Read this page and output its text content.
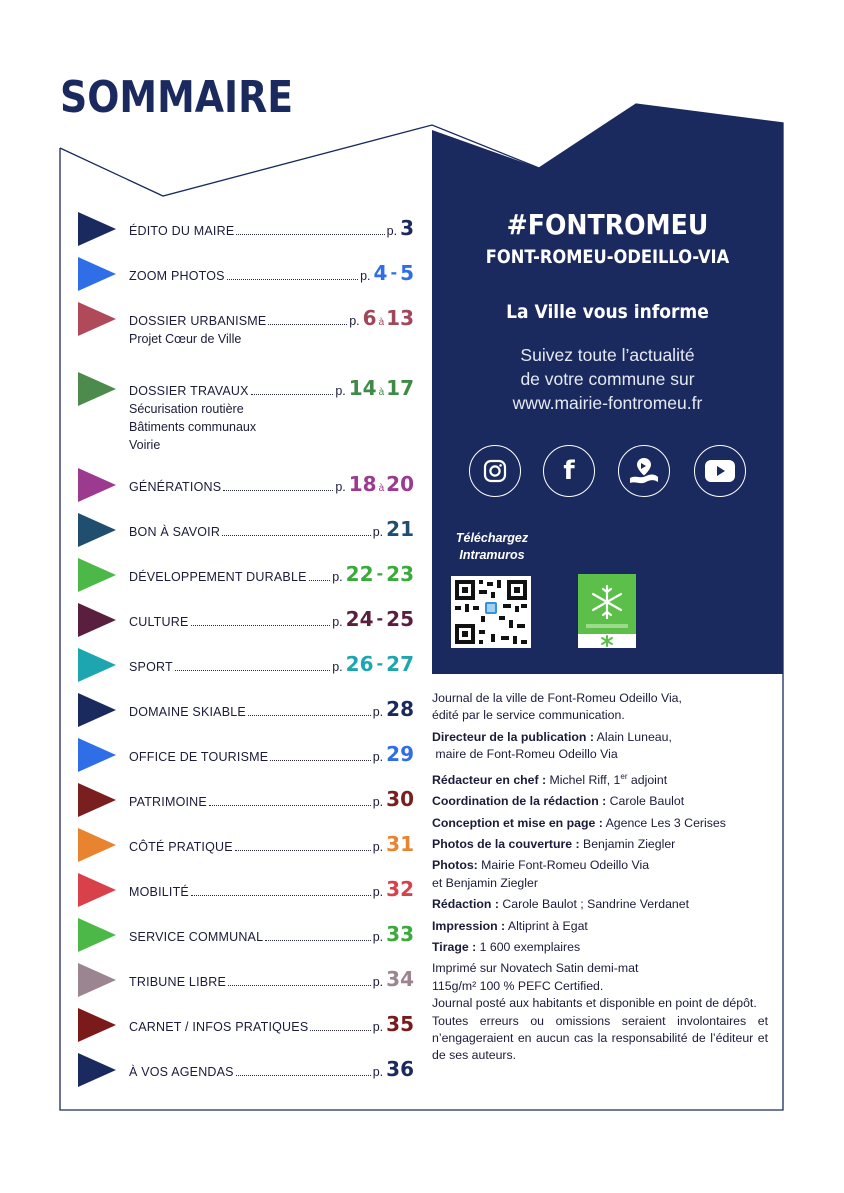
SOMMAIRE
ÉDITO DU MAIRE	p. 3
ZOOM PHOTOS	p. 4 - 5
DOSSIER URBANISME	p. 6 à 13
Projet Cœur de Ville
DOSSIER TRAVAUX	p. 14 à 17
Sécurisation routière
Bâtiments communaux
Voirie
GÉNÉRATIONS	p. 18 à 20
BON À SAVOIR	p. 21
DÉVELOPPEMENT DURABLE p. 22 - 23
CULTURE	p. 24 - 25
SPORT	p. 26 - 27
DOMAINE SKIABLE	p. 28
OFFICE DE TOURISME	p. 29
PATRIMOINE	p. 30
CÔTÉ PRATIQUE	p. 31
MOBILITÉ	p. 32
SERVICE COMMUNAL	p. 33
TRIBUNE LIBRE	p. 34
CARNET / INFOS PRATIQUES	p. 35
À VOS AGENDAS	p. 36
#FONTROMEU
FONT-ROMEU-ODEILLO-VIA
La Ville vous informe
Suivez toute l’actualité
de votre commune sur
www.mairie-fontromeu.fr
f
Téléchargez
Intramuros

Journal de la ville de Font-Romeu Odeillo Via,
édité par le service communication.

Directeur de la publication : Alain Luneau,
maire de Font-Romeu Odeillo Via

Rédacteur en chef : Michel Riff, 1er adjoint

Coordination de la rédaction : Carole Baulot

Conception et mise en page : Agence Les 3 Cerises

Photos de la couverture : Benjamin Ziegler

Photos: Mairie Font-Romeu Odeillo Via
et Benjamin Ziegler

Rédaction : Carole Baulot ; Sandrine Verdanet

Impression : Altiprint à Egat

Tirage : 1 600 exemplaires

Imprimé sur Novatech Satin demi-mat
115g/m² 100 % PEFC Certified.

Journal posté aux habitants et disponible en point de dépôt.

Toutes erreurs ou omissions seraient involontaires et n’engageraient en aucun cas la responsabilité de l’éditeur et de ses auteurs.
